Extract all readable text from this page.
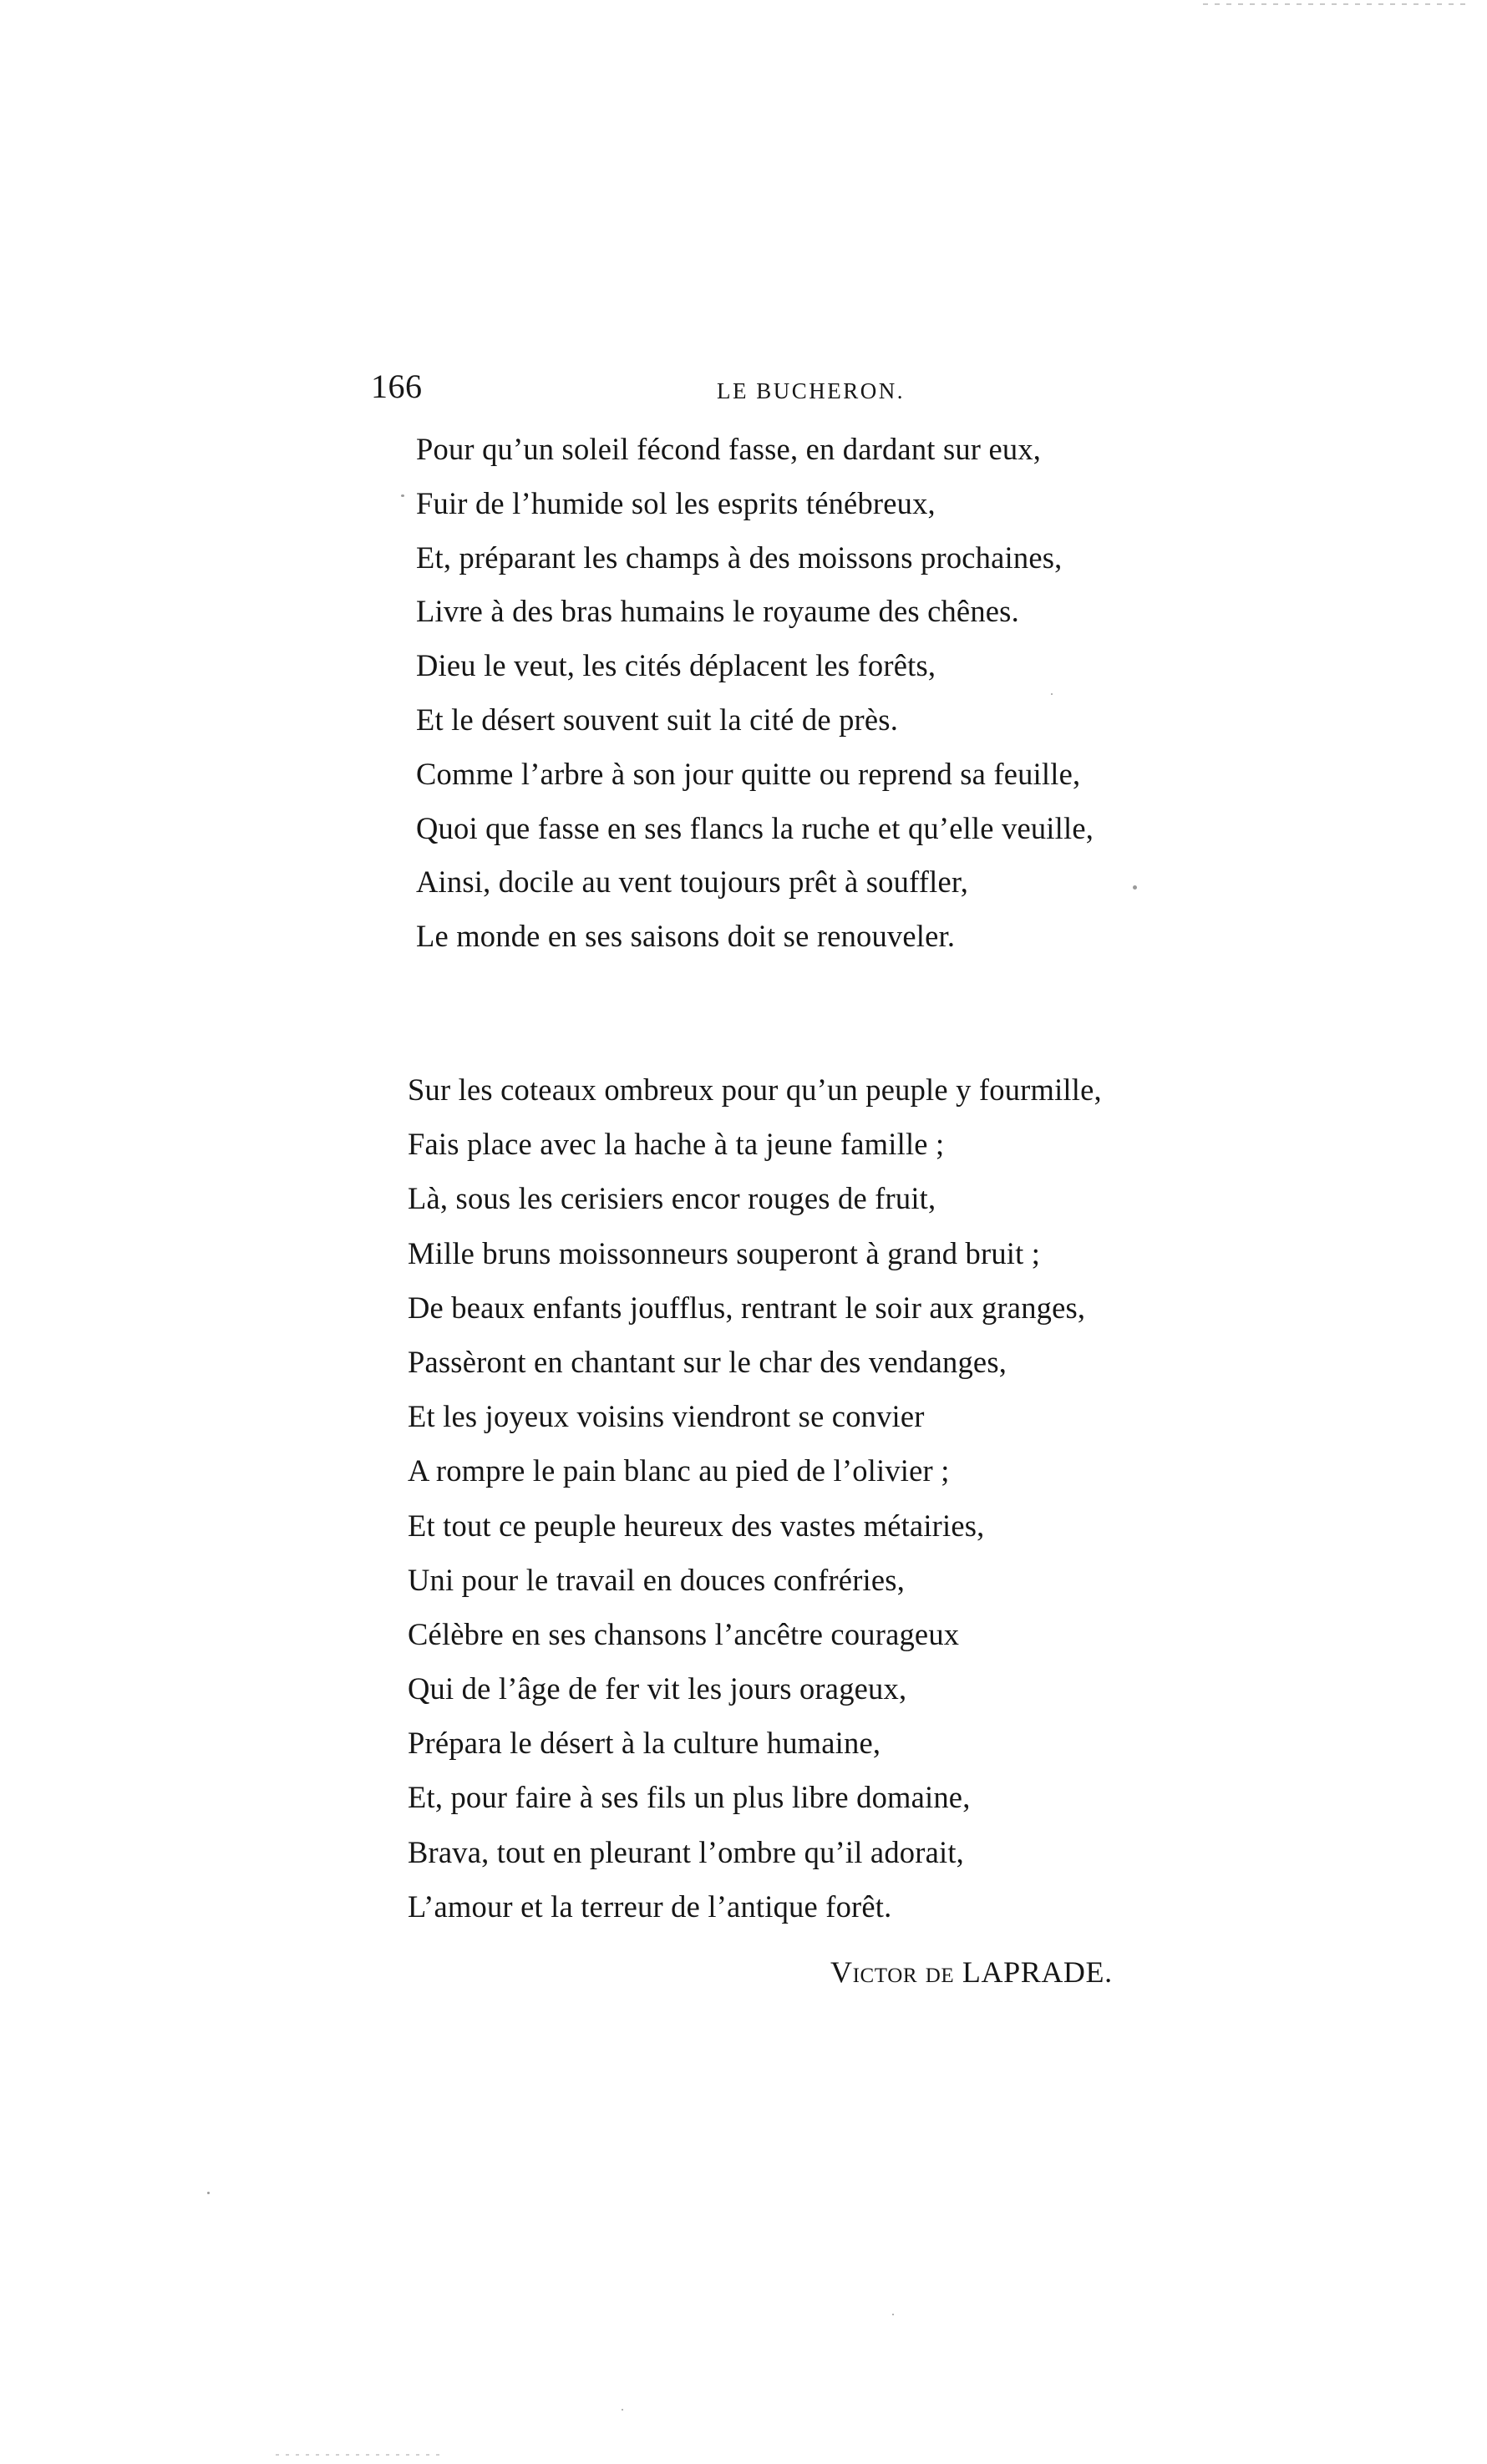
166	LE BUCHERON.
Pour qu’un soleil fécond fasse, en dardant sur eux,
Fuir de l’humide sol les esprits ténébreux,
Et, préparant les champs à des moissons prochaines,
Livre à des bras humains le royaume des chênes.
Dieu le veut, les cités déplacent les forêts,
Et le désert souvent suit la cité de près.
Comme l’arbre à son jour quitte ou reprend sa feuille,
Quoi que fasse en ses flancs la ruche et qu’elle veuille,
Ainsi, docile au vent toujours prêt à souffler,
Le monde en ses saisons doit se renouveler.
Sur les coteaux ombreux pour qu’un peuple y fourmille,
Fais place avec la hache à ta jeune famille ;
Là, sous les cerisiers encor rouges de fruit,
Mille bruns moissonneurs souperont à grand bruit ;
De beaux enfants joufflus, rentrant le soir aux granges,
Passèront en chantant sur le char des vendanges,
Et les joyeux voisins viendront se convier
A rompre le pain blanc au pied de l’olivier ;
Et tout ce peuple heureux des vastes métairies,
Uni pour le travail en douces confréries,
Célèbre en ses chansons l’ancêtre courageux
Qui de l’âge de fer vit les jours orageux,
Prépara le désert à la culture humaine,
Et, pour faire à ses fils un plus libre domaine,
Brava, tout en pleurant l’ombre qu’il adorait,
L’amour et la terreur de l’antique forêt.
Victor de LAPRADE.
